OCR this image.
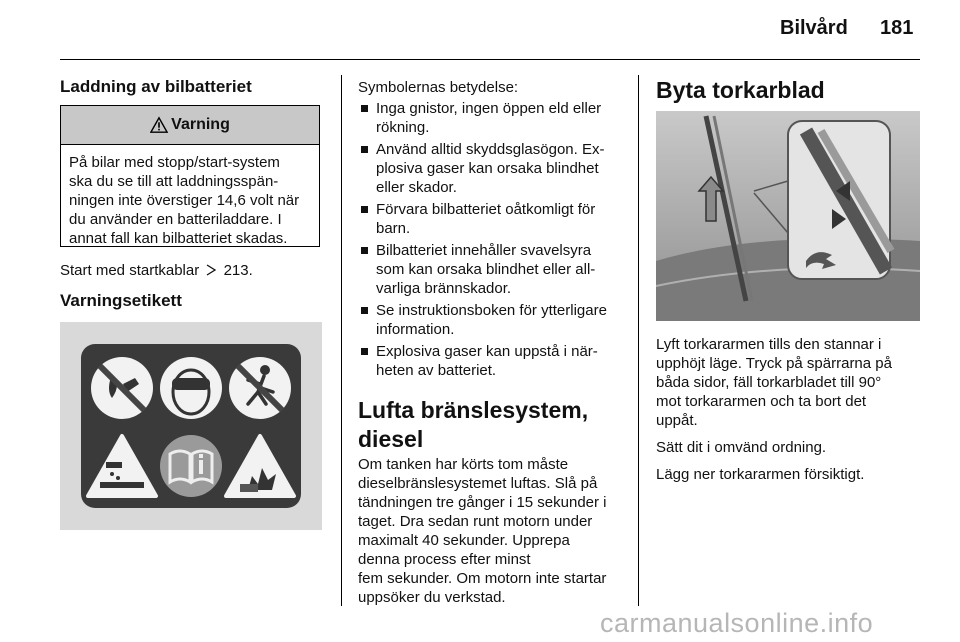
Bilvård 181
Laddning av bilbatteriet
Varning
På bilar med stopp/start-system
ska du se till att laddningsspän-
ningen inte överstiger 14,6 volt när
du använder en batteriladdare. I
annat fall kan bilbatteriet skadas.
Start med startkablar 213.
Varningsetikett
Symbolernas betydelse:
Inga gnistor, ingen öppen eld eller
rökning.
Använd alltid skyddsglasögon. Ex-
plosiva gaser kan orsaka blindhet
eller skador.
Förvara bilbatteriet oåtkomligt för
barn.
Bilbatteriet innehåller svavelsyra
som kan orsaka blindhet eller all-
varliga brännskador.
Se instruktionsboken för ytterligare
information.
Explosiva gaser kan uppstå i när-
heten av batteriet.
Lufta bränslesystem,
diesel
Om tanken har körts tom måste
dieselbränslesystemet luftas. Slå på
tändningen tre gånger i 15 sekunder i
taget. Dra sedan runt motorn under
maximalt 40 sekunder. Upprepa
denna process efter minst
fem sekunder. Om motorn inte startar
uppsöker du verkstad.
Byta torkarblad
Lyft torkararmen tills den stannar i
upphöjt läge. Tryck på spärrarna på
båda sidor, fäll torkarbladet till 90°
mot torkararmen och ta bort det
uppåt.
Sätt dit i omvänd ordning.
Lägg ner torkararmen försiktigt.
carmanualsonline.info
